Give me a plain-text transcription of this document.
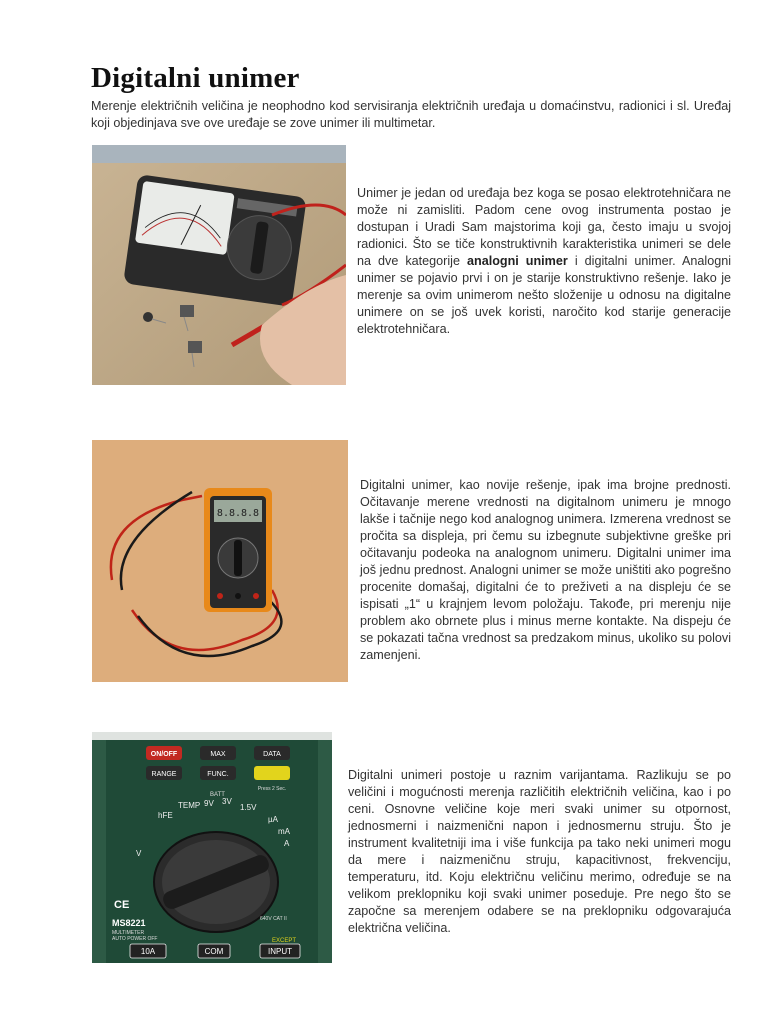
Digitalni unimer
Merenje električnih veličina je neophodno kod servisiranja električnih uređaja u domaćinstvu, radionici i sl. Uređaj koji objedinjava sve ove uređaje se zove unimer ili multimetar.
Unimer je jedan od uređaja bez koga se posao elektrotehničara ne može ni zamisliti. Padom cene ovog instrumenta postao je dostupan i Uradi Sam majstorima koji ga, često imaju u svojoj radionici. Što se tiče konstruktivnih karakteristika unimeri se dele na dve kategorije analogni unimer i digitalni unimer. Analogni unimer se pojavio prvi i on je starije konstruktivno rešenje. Iako je merenje sa ovim unimerom nešto složenije u odnosu na digitalne unimere on se još uvek koristi, naročito kod starije generacije elektrotehničara.
8.8.8.8
Digitalni unimer, kao novije rešenje, ipak ima brojne prednosti. Očitavanje merene vrednosti na digitalnom unimeru je mnogo lakše i tačnije nego kod analognog unimera. Izmerena vrednost se pročita sa displeja, pri čemu su izbegnute subjektivne greške pri očitavanju podeoka na analognom unimeru. Digitalni unimer ima još jednu prednost. Analogni unimer se može uništiti ako pogrešno procenite domašaj, digitalni će to preživeti a na displeju će se ispisati „1“ u krajnjem levom položaju. Takođe, pri merenju nije problem ako obrnete plus i minus merne kontakte. Na dispeju će se pokazati tačna vrednost sa predzakom minus, ukoliko su polovi zamenjeni.
ON/OFF	MAX	DATA
RANGE	FUNC.
Press 2 Sec.
BATT
TEMP 9V 3V
1.5V
hFE	µA
mA
A
V
CE
MS8221
MULTIMETER
AUTO POWER OFF
640V CAT II
EXCEPT
10A	COM	INPUT
Digitalni unimeri postoje u raznim varijantama. Razlikuju se po veličini i mogućnosti merenja različitih električnih veličina, kao i po ceni. Osnovne veličine koje meri svaki unimer su otpornost, jednosmerni i naizmenični napon i jednosmernu struju. Što je instrument kvalitetniji ima i više funkcija pa tako neki unimeri mogu da mere i naizmeničnu struju, kapacitivnost, frekvenciju, temperaturu, itd. Koju električnu veličinu merimo, određuje se na velikom preklopniku koji svaki unimer poseduje. Pre nego što se započne sa merenjem odabere se na preklopniku odgovarajuća električna veličina.
